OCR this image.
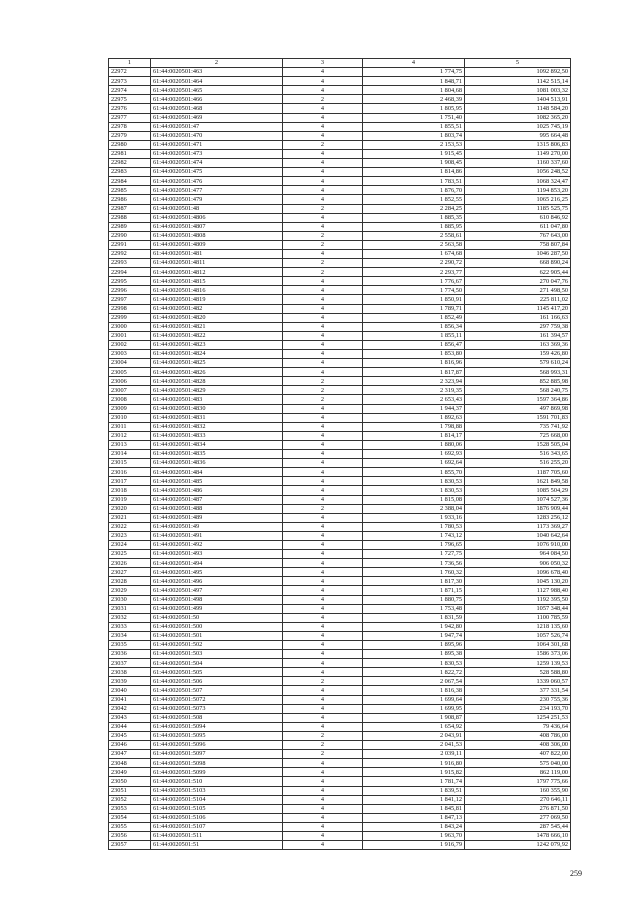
1	2	3	4	5
22972	61:44:0020501:463	4	1 774,75	1092 892,50
22973	61:44:0020501:464	4	1 848,71	1142 515,14
22974	61:44:0020501:465	4	1 804,68	1081 003,32
22975	61:44:0020501:466	2	2 468,39	1404 513,91
22976	61:44:0020501:468	4	1 805,95	1148 584,20
22977	61:44:0020501:469	4	1 751,40	1082 365,20
22978	61:44:0020501:47	4	1 855,51	1025 745,19
22979	61:44:0020501:470	4	1 803,74	995 664,48
22980	61:44:0020501:471	2	2 153,53	1315 806,83
22981	61:44:0020501:473	4	1 915,45	1149 270,00
22982	61:44:0020501:474	4	1 908,45	1160 337,60
22983	61:44:0020501:475	4	1 814,86	1056 248,52
22984	61:44:0020501:476	4	1 783,51	1068 324,47
22985	61:44:0020501:477	4	1 876,70	1194 853,20
22986	61:44:0020501:479	4	1 852,55	1065 216,25
22987	61:44:0020501:48	2	2 284,25	1185 525,75
22988	61:44:0020501:4806	4	1 885,35	610 846,92
22989	61:44:0020501:4807	4	1 885,95	611 047,80
22990	61:44:0020501:4808	2	2 558,61	767 643,00
22991	61:44:0020501:4809	2	2 563,58	758 807,84
22992	61:44:0020501:481	4	1 674,68	1046 287,50
22993	61:44:0020501:4811	2	2 290,72	668 890,24
22994	61:44:0020501:4812	2	2 293,77	622 905,44
22995	61:44:0020501:4815	4	1 776,67	270 047,76
22996	61:44:0020501:4816	4	1 774,50	271 498,50
22997	61:44:0020501:4819	4	1 850,91	225 811,02
22998	61:44:0020501:482	4	1 789,71	1145 417,20
22999	61:44:0020501:4820	4	1 852,49	161 166,63
23000	61:44:0020501:4821	4	1 856,34	297 759,38
23001	61:44:0020501:4822	4	1 855,11	161 394,57
23002	61:44:0020501:4823	4	1 856,47	163 369,36
23003	61:44:0020501:4824	4	1 853,80	159 426,80
23004	61:44:0020501:4825	4	1 816,96	579 610,24
23005	61:44:0020501:4826	4	1 817,87	568 993,31
23006	61:44:0020501:4828	2	2 323,94	852 885,98
23007	61:44:0020501:4829	2	2 319,35	568 240,75
23008	61:44:0020501:483	2	2 653,43	1597 364,86
23009	61:44:0020501:4830	4	1 944,37	497 869,98
23010	61:44:0020501:4831	4	1 892,63	1591 701,83
23011	61:44:0020501:4832	4	1 798,88	735 741,92
23012	61:44:0020501:4833	4	1 814,17	725 668,00
23013	61:44:0020501:4834	4	1 880,06	1528 505,04
23014	61:44:0020501:4835	4	1 692,93	516 343,65
23015	61:44:0020501:4836	4	1 692,64	516 255,20
23016	61:44:0020501:484	4	1 855,70	1187 705,60
23017	61:44:0020501:485	4	1 830,53	1621 849,58
23018	61:44:0020501:486	4	1 830,53	1085 504,29
23019	61:44:0020501:487	4	1 815,08	1074 527,36
23020	61:44:0020501:488	2	2 388,04	1876 909,44
23021	61:44:0020501:489	4	1 933,16	1283 256,12
23022	61:44:0020501:49	4	1 780,53	1173 369,27
23023	61:44:0020501:491	4	1 743,12	1040 642,64
23024	61:44:0020501:492	4	1 796,65	1076 910,00
23025	61:44:0020501:493	4	1 727,75	964 084,50
23026	61:44:0020501:494	4	1 736,56	906 050,32
23027	61:44:0020501:495	4	1 760,32	1096 678,40
23028	61:44:0020501:496	4	1 817,30	1045 130,20
23029	61:44:0020501:497	4	1 871,15	1127 988,40
23030	61:44:0020501:498	4	1 880,75	1192 395,50
23031	61:44:0020501:499	4	1 753,48	1057 348,44
23032	61:44:0020501:50	4	1 831,59	1100 785,59
23033	61:44:0020501:500	4	1 942,80	1218 135,60
23034	61:44:0020501:501	4	1 947,74	1057 526,74
23035	61:44:0020501:502	4	1 895,96	1064 301,68
23036	61:44:0020501:503	4	1 895,38	1586 373,06
23037	61:44:0020501:504	4	1 830,53	1259 139,53
23038	61:44:0020501:505	4	1 822,72	528 588,80
23039	61:44:0020501:506	2	2 067,54	1339 060,57
23040	61:44:0020501:507	4	1 816,38	377 331,54
23041	61:44:0020501:5072	4	1 699,64	230 755,36
23042	61:44:0020501:5073	4	1 699,95	234 193,70
23043	61:44:0020501:508	4	1 908,87	1254 251,53
23044	61:44:0020501:5094	4	1 654,92	79 436,64
23045	61:44:0020501:5095	2	2 043,91	408 786,00
23046	61:44:0020501:5096	2	2 041,53	408 306,00
23047	61:44:0020501:5097	2	2 039,11	407 822,00
23048	61:44:0020501:5098	4	1 916,80	575 040,00
23049	61:44:0020501:5099	4	1 915,82	862 119,00
23050	61:44:0020501:510	4	1 781,74	1797 775,66
23051	61:44:0020501:5103	4	1 839,51	160 355,90
23052	61:44:0020501:5104	4	1 841,12	270 646,11
23053	61:44:0020501:5105	4	1 845,81	276 871,50
23054	61:44:0020501:5106	4	1 847,13	277 069,50
23055	61:44:0020501:5107	4	1 843,24	287 545,44
23056	61:44:0020501:511	4	1 963,70	1478 666,10
23057	61:44:0020501:51	4	1 916,79	1242 079,92
259
